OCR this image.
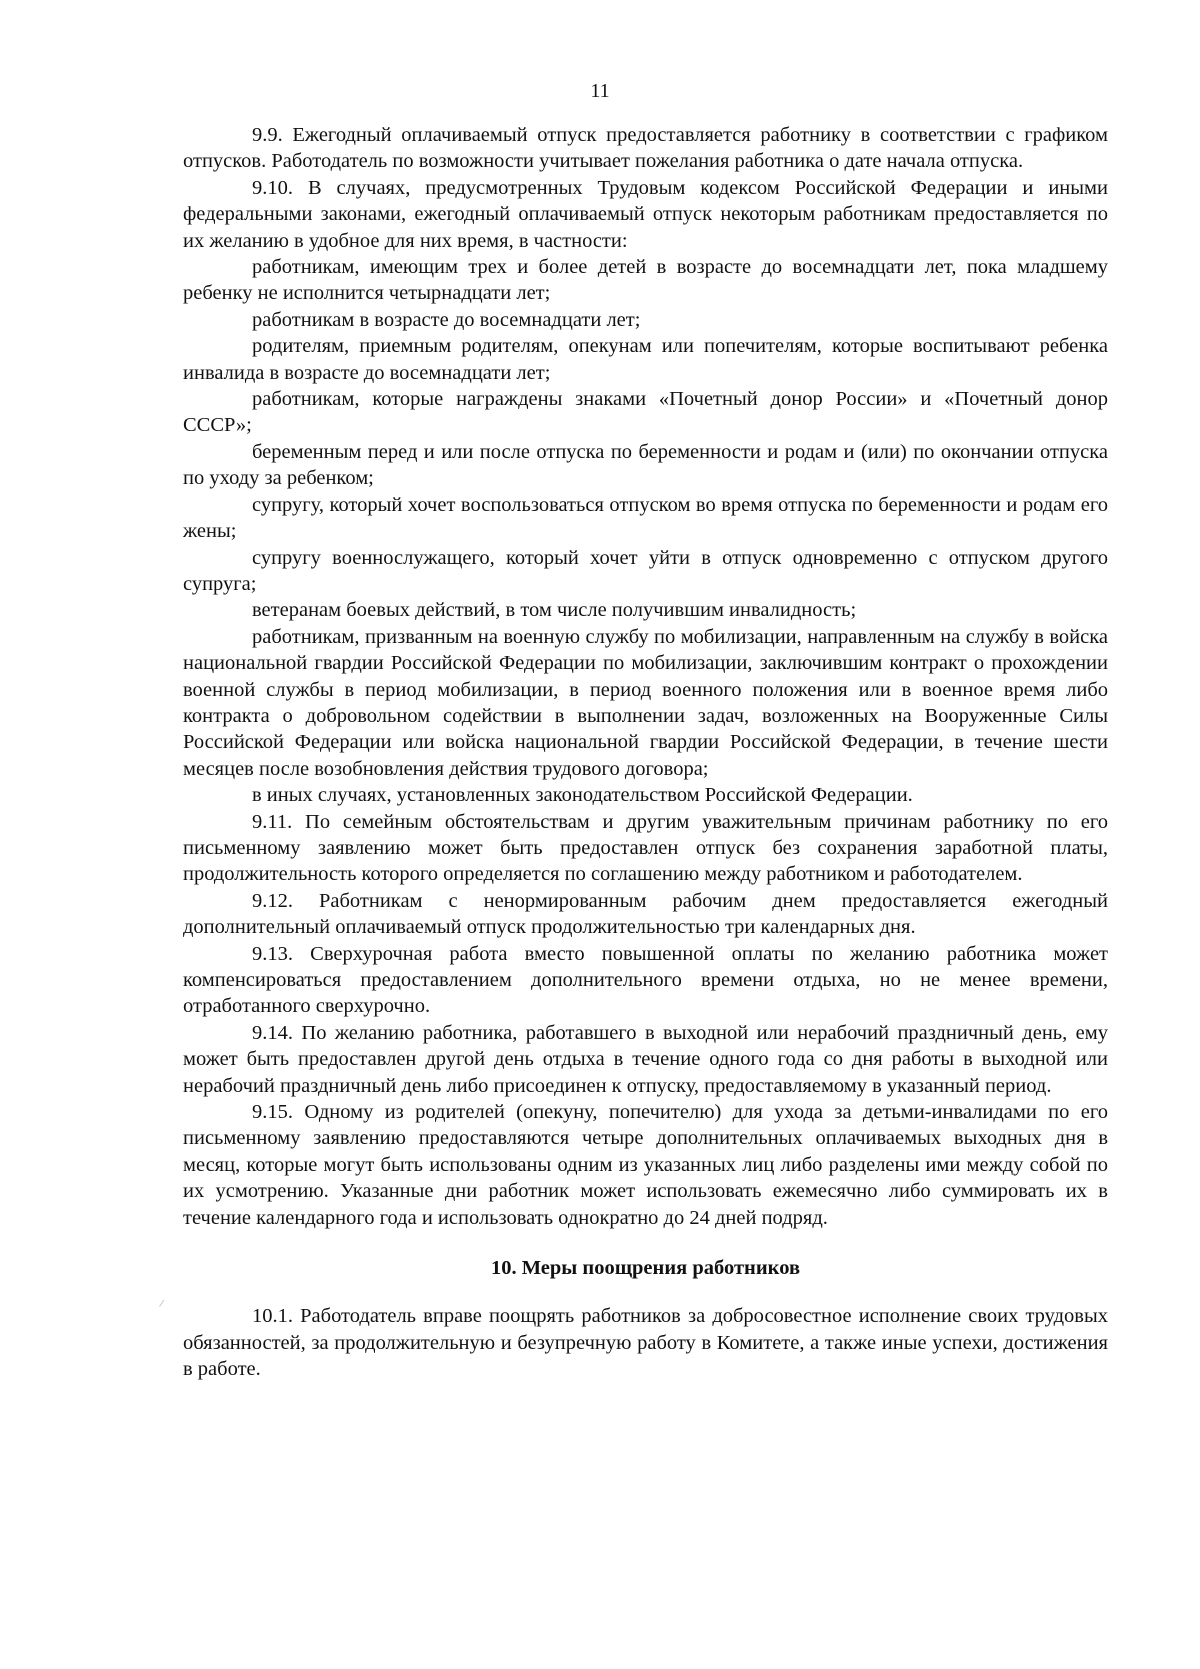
11

9.9. Ежегодный оплачиваемый отпуск предоставляется работнику в соответствии с графиком отпусков. Работодатель по возможности учитывает пожелания работника о дате начала отпуска.

9.10. В случаях, предусмотренных Трудовым кодексом Российской Федерации и иными федеральными законами, ежегодный оплачиваемый отпуск некоторым работникам предоставляется по их желанию в удобное для них время, в частности:

работникам, имеющим трех и более детей в возрасте до восемнадцати лет, пока младшему ребенку не исполнится четырнадцати лет;

работникам в возрасте до восемнадцати лет;

родителям, приемным родителям, опекунам или попечителям, которые воспитывают ребенка инвалида в возрасте до восемнадцати лет;

работникам, которые награждены знаками «Почетный донор России» и «Почетный донор СССР»;

беременным перед и или после отпуска по беременности и родам и (или) по окончании отпуска по уходу за ребенком;

супругу, который хочет воспользоваться отпуском во время отпуска по беременности и родам его жены;

супругу военнослужащего, который хочет уйти в отпуск одновременно с отпуском другого супруга;

ветеранам боевых действий, в том числе получившим инвалидность;

работникам, призванным на военную службу по мобилизации, направленным на службу в войска национальной гвардии Российской Федерации по мобилизации, заключившим контракт о прохождении военной службы в период мобилизации, в период военного положения или в военное время либо контракта о добровольном содействии в выполнении задач, возложенных на Вооруженные Силы Российской Федерации или войска национальной гвардии Российской Федерации, в течение шести месяцев после возобновления действия трудового договора;

в иных случаях, установленных законодательством Российской Федерации.

9.11. По семейным обстоятельствам и другим уважительным причинам работнику по его письменному заявлению может быть предоставлен отпуск без сохранения заработной платы, продолжительность которого определяется по соглашению между работником и работодателем.

9.12. Работникам с ненормированным рабочим днем предоставляется ежегодный дополнительный оплачиваемый отпуск продолжительностью три календарных дня.

9.13. Сверхурочная работа вместо повышенной оплаты по желанию работника может компенсироваться предоставлением дополнительного времени отдыха, но не менее времени, отработанного сверхурочно.

9.14. По желанию работника, работавшего в выходной или нерабочий праздничный день, ему может быть предоставлен другой день отдыха в течение одного года со дня работы в выходной или нерабочий праздничный день либо присоединен к отпуску, предоставляемому в указанный период.

9.15. Одному из родителей (опекуну, попечителю) для ухода за детьми-инвалидами по его письменному заявлению предоставляются четыре дополнительных оплачиваемых выходных дня в месяц, которые могут быть использованы одним из указанных лиц либо разделены ими между собой по их усмотрению. Указанные дни работник может использовать ежемесячно либо суммировать их в течение календарного года и использовать однократно до 24 дней подряд.

10. Меры поощрения работников

10.1. Работодатель вправе поощрять работников за добросовестное исполнение своих трудовых обязанностей, за продолжительную и безупречную работу в Комитете, а также иные успехи, достижения в работе.
